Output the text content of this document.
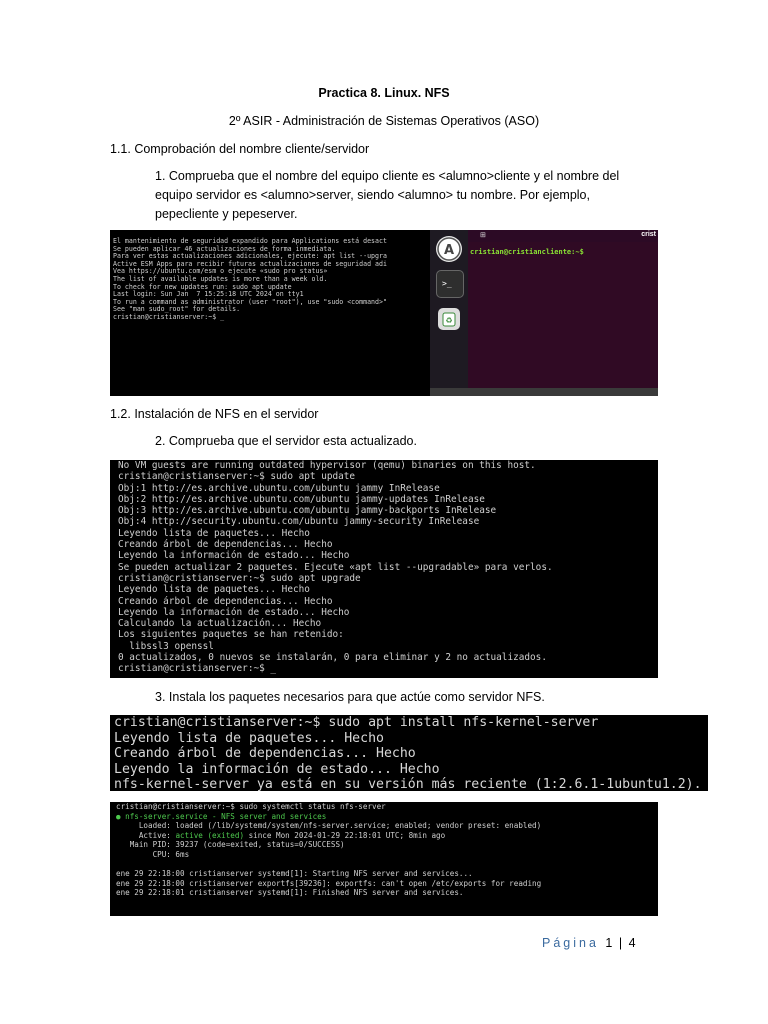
Practica 8. Linux. NFS
2º ASIR - Administración de Sistemas Operativos (ASO)
1.1. Comprobación del nombre cliente/servidor
1. Comprueba que el nombre del equipo cliente es <alumno>cliente y el nombre del
equipo servidor es <alumno>server, siendo <alumno> tu nombre. Por ejemplo,
pepecliente y pepeserver.
El mantenimiento de seguridad expandido para Applications está desact
Se pueden aplicar 46 actualizaciones de forma inmediata.
Para ver estas actualizaciones adicionales, ejecute: apt list --upgra
Active ESM Apps para recibir futuras actualizaciones de seguridad adi
Vea https://ubuntu.com/esm o ejecute «sudo pro status»
The list of available updates is more than a week old.
To check for new updates run: sudo apt update
Last login: Sun Jan  7 15:25:18 UTC 2024 on tty1
To run a command as administrator (user "root"), use "sudo <command>"
See "man sudo_root" for details.
cristian@cristianserver:~$ _
A
>_
♻
⊞	crist
cristian@cristiancliente:~$
1.2. Instalación de NFS en el servidor
2. Comprueba que el servidor esta actualizado.
No VM guests are running outdated hypervisor (qemu) binaries on this host.
cristian@cristianserver:~$ sudo apt update
Obj:1 http://es.archive.ubuntu.com/ubuntu jammy InRelease
Obj:2 http://es.archive.ubuntu.com/ubuntu jammy-updates InRelease
Obj:3 http://es.archive.ubuntu.com/ubuntu jammy-backports InRelease
Obj:4 http://security.ubuntu.com/ubuntu jammy-security InRelease
Leyendo lista de paquetes... Hecho
Creando árbol de dependencias... Hecho
Leyendo la información de estado... Hecho
Se pueden actualizar 2 paquetes. Ejecute «apt list --upgradable» para verlos.
cristian@cristianserver:~$ sudo apt upgrade
Leyendo lista de paquetes... Hecho
Creando árbol de dependencias... Hecho
Leyendo la información de estado... Hecho
Calculando la actualización... Hecho
Los siguientes paquetes se han retenido:
libssl3 openssl
0 actualizados, 0 nuevos se instalarán, 0 para eliminar y 2 no actualizados.
cristian@cristianserver:~$ _
3. Instala los paquetes necesarios para que actúe como servidor NFS.
cristian@cristianserver:~$ sudo apt install nfs-kernel-server
Leyendo lista de paquetes... Hecho
Creando árbol de dependencias... Hecho
Leyendo la información de estado... Hecho
nfs-kernel-server ya está en su versión más reciente (1:2.6.1-1ubuntu1.2).
cristian@cristianserver:~$ sudo systemctl status nfs-server
● nfs-server.service - NFS server and services
Loaded: loaded (/lib/systemd/system/nfs-server.service; enabled; vendor preset: enabled)
Active: active (exited) since Mon 2024-01-29 22:18:01 UTC; 8min ago
Main PID: 39237 (code=exited, status=0/SUCCESS)
CPU: 6ms

ene 29 22:18:00 cristianserver systemd[1]: Starting NFS server and services...
ene 29 22:18:00 cristianserver exportfs[39236]: exportfs: can't open /etc/exports for reading
ene 29 22:18:01 cristianserver systemd[1]: Finished NFS server and services.
Página 1 | 4
